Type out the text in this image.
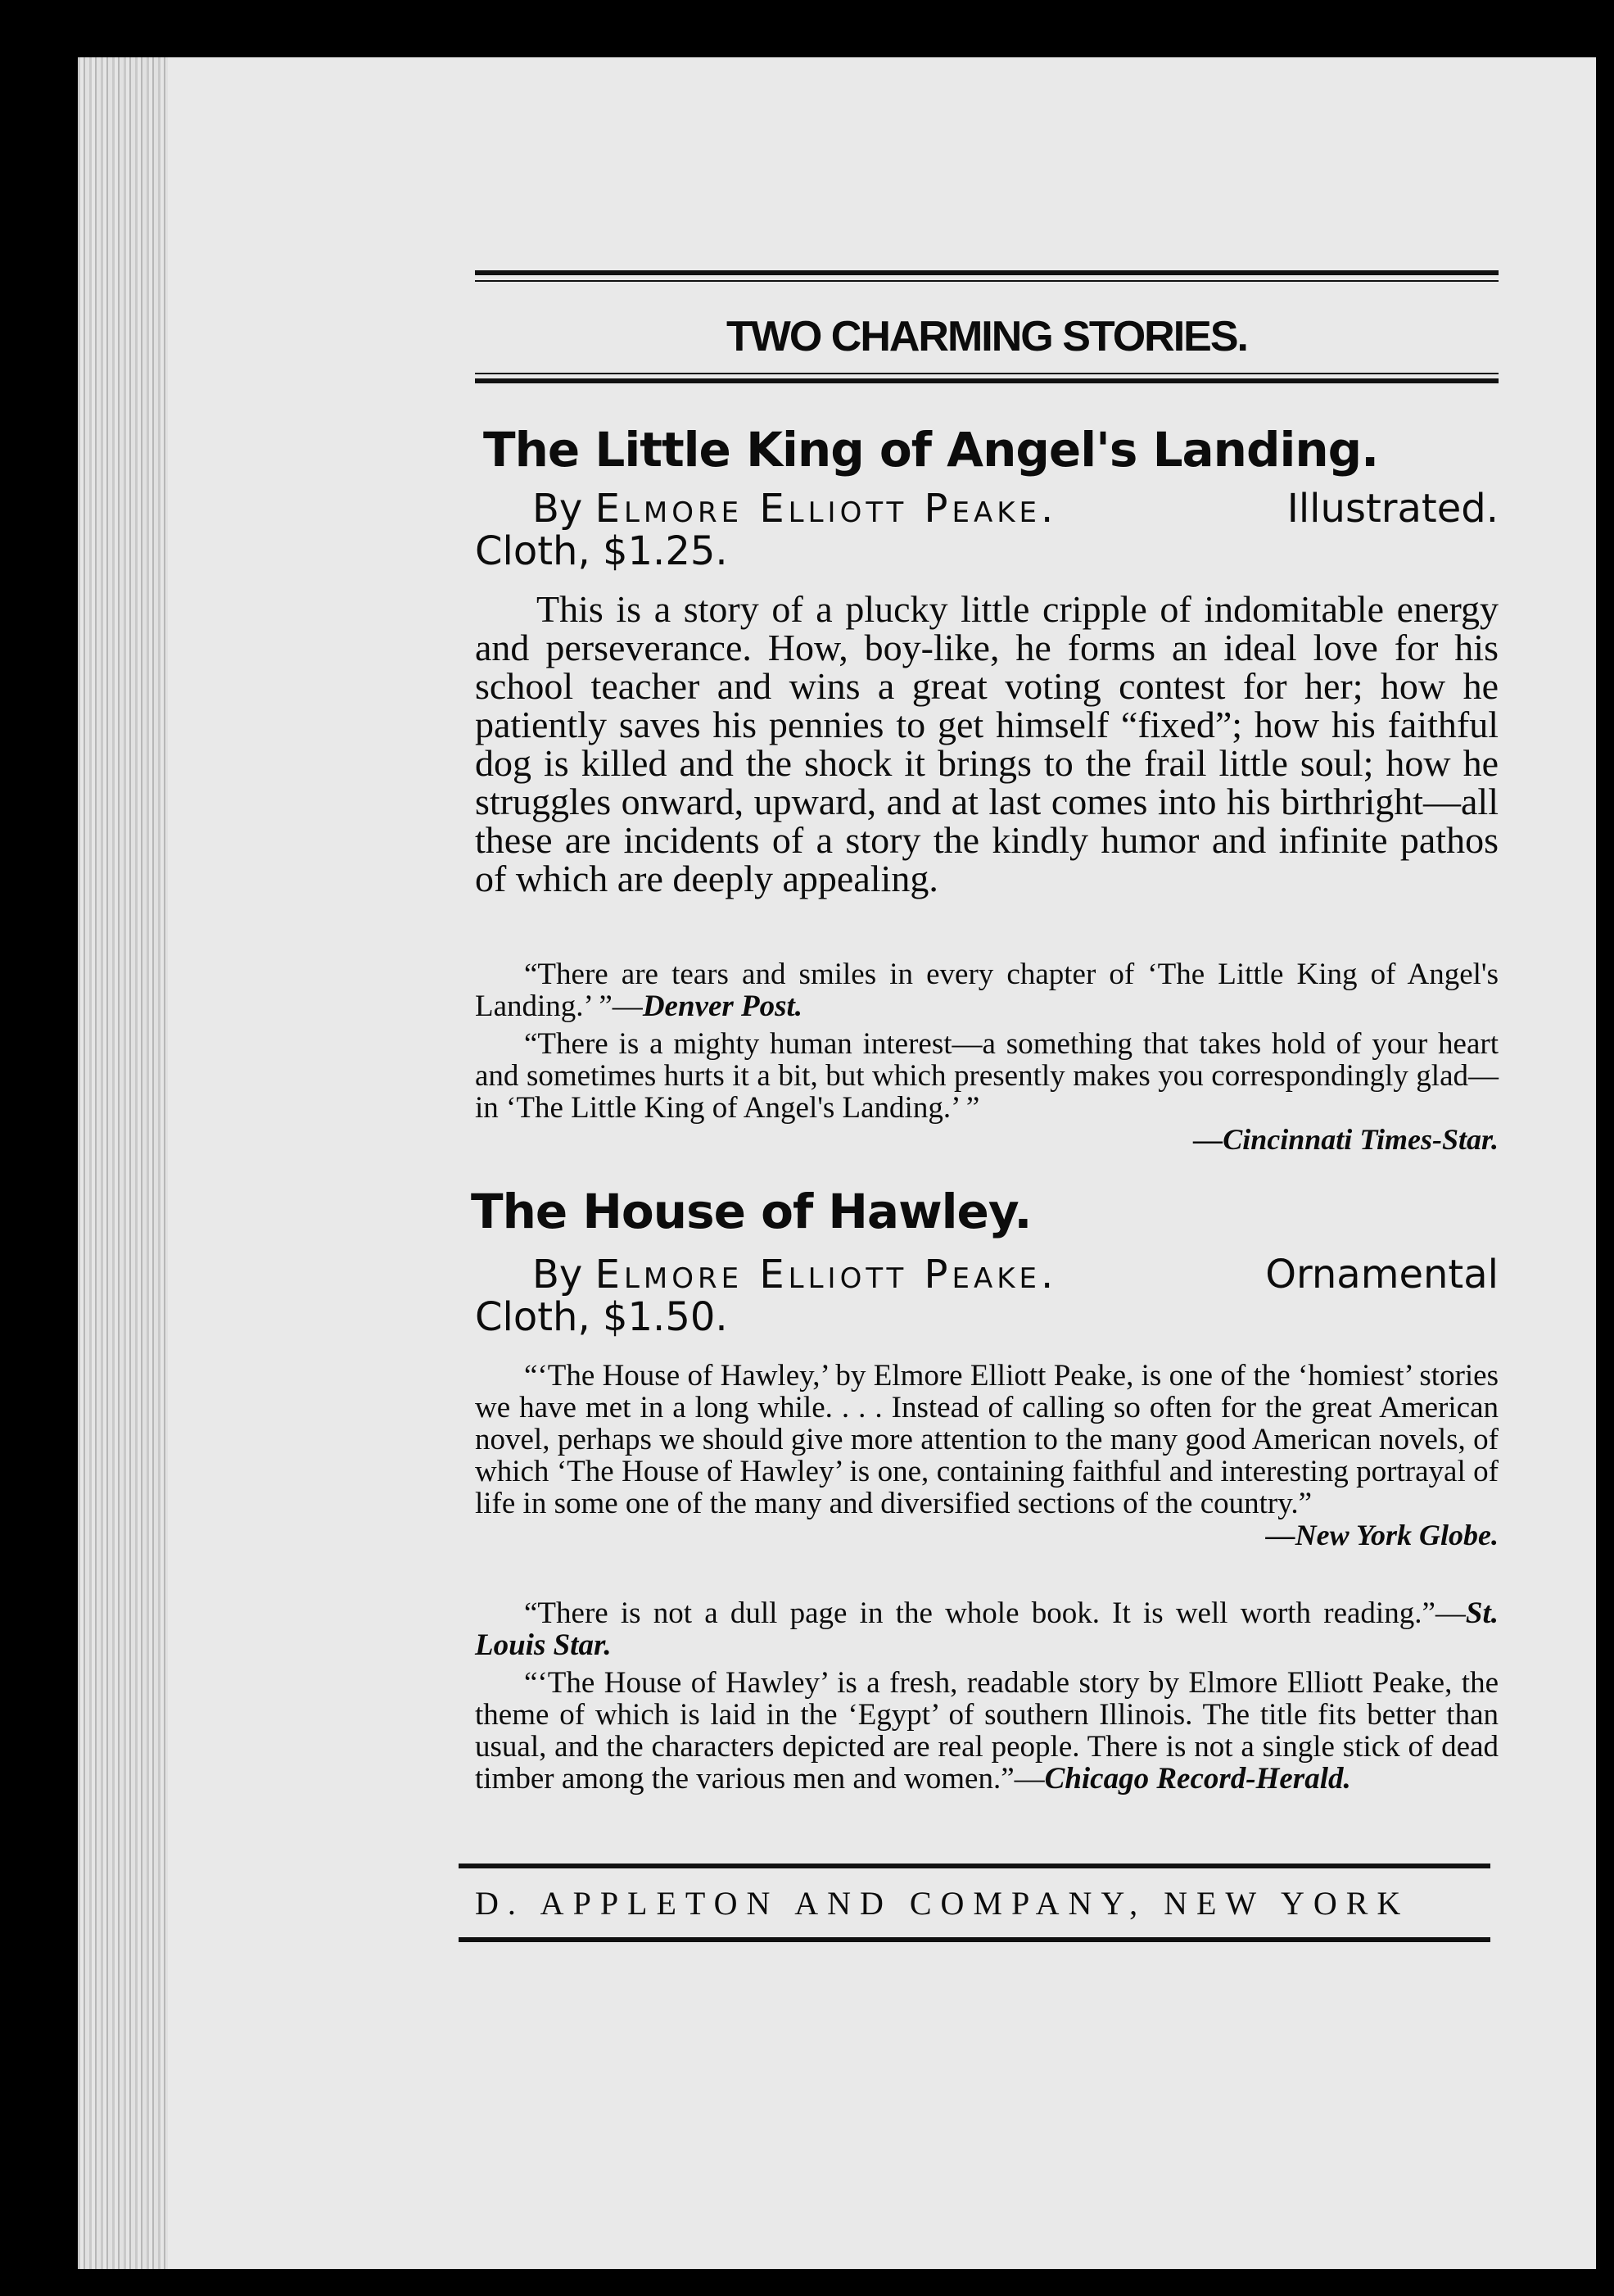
TWO CHARMING STORIES.
The Little King of Angel's Landing.
By Elmore Elliott Peake.	Illustrated.
Cloth, $1.25.
This is a story of a plucky little cripple of indomitable energy and perseverance. How, boy-like, he forms an ideal love for his school teacher and wins a great voting contest for her; how he patiently saves his pennies to get himself “fixed”; how his faithful dog is killed and the shock it brings to the frail little soul; how he struggles onward, upward, and at last comes into his birthright—all these are incidents of a story the kindly humor and infinite pathos of which are deeply appealing.
“There are tears and smiles in every chapter of ‘The Little King of Angel's Landing.’ ”—Denver Post.
“There is a mighty human interest—a something that takes hold of your heart and sometimes hurts it a bit, but which presently makes you correspondingly glad—in ‘The Little King of Angel's Landing.’ ”
—Cincinnati Times-Star.
The House of Hawley.
By Elmore Elliott Peake.	Ornamental
Cloth, $1.50.
“‘The House of Hawley,’ by Elmore Elliott Peake, is one of the ‘homiest’ stories we have met in a long while. . . . Instead of calling so often for the great American novel, perhaps we should give more attention to the many good American novels, of which ‘The House of Hawley’ is one, containing faithful and interesting portrayal of life in some one of the many and diversified sections of the country.”
—New York Globe.
“There is not a dull page in the whole book. It is well worth reading.”—St. Louis Star.
“‘The House of Hawley’ is a fresh, readable story by Elmore Elliott Peake, the theme of which is laid in the ‘Egypt’ of southern Illinois. The title fits better than usual, and the characters depicted are real people. There is not a single stick of dead timber among the various men and women.”—Chicago Record-Herald.
D. APPLETON AND COMPANY, NEW YORK
